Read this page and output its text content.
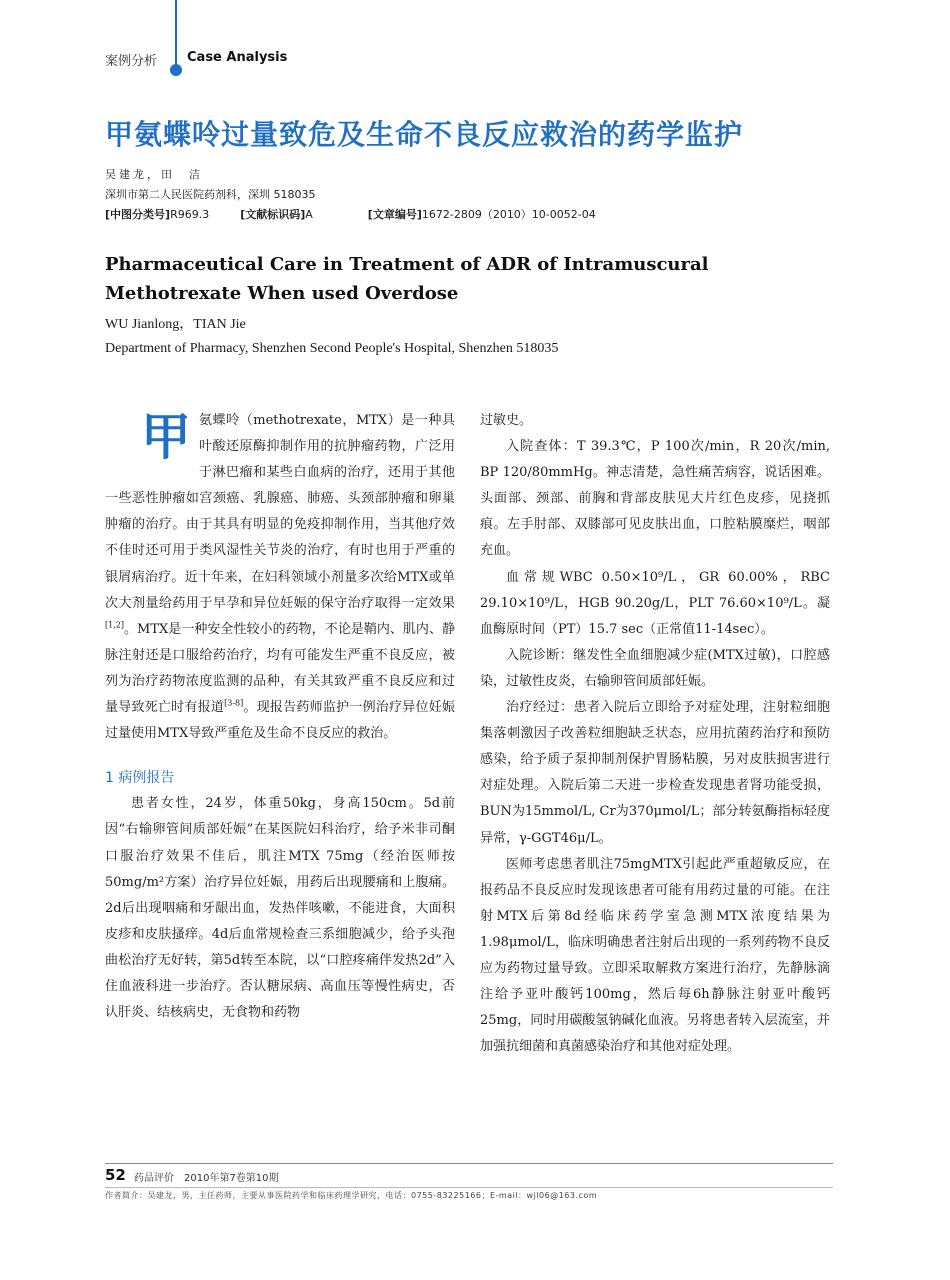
案例分析 Case Analysis
甲氨蝶呤过量致危及生命不良反应救治的药学监护
吴建龙，田　洁
深圳市第二人民医院药剂科，深圳 518035
[中图分类号]R969.3	[文献标识码]A	[文章编号]1672-2809（2010）10-0052-04
Pharmaceutical Care in Treatment of ADR of Intramuscural Methotrexate When used Overdose
WU Jianlong，TIAN Jie
Department of Pharmacy, Shenzhen Second People's Hospital, Shenzhen 518035

甲氨蝶呤（methotrexate，MTX）是一种具叶酸还原酶抑制作用的抗肿瘤药物，广泛用于淋巴瘤和某些白血病的治疗，还用于其他一些恶性肿瘤如宫颈癌、乳腺癌、肺癌、头颈部肿瘤和卵巢肿瘤的治疗。由于其具有明显的免疫抑制作用，当其他疗效不佳时还可用于类风湿性关节炎的治疗，有时也用于严重的银屑病治疗。近十年来，在妇科领域小剂量多次给MTX或单次大剂量给药用于早孕和异位妊娠的保守治疗取得一定效果[1,2]。MTX是一种安全性较小的药物，不论是鞘内、肌内、静脉注射还是口服给药治疗，均有可能发生严重不良反应，被列为治疗药物浓度监测的品种，有关其致严重不良反应和过量导致死亡时有报道[3-8]。现报告药师监护一例治疗异位妊娠过量使用MTX导致严重危及生命不良反应的救治。

1 病例报告

患者女性，24岁，体重50kg，身高150cm。5d前因“右输卵管间质部妊娠”在某医院妇科治疗，给予米非司酮口服治疗效果不佳后，肌注MTX 75mg（经治医师按50mg/m²方案）治疗异位妊娠，用药后出现腰痛和上腹痛。2d后出现咽痛和牙龈出血，发热伴咳嗽，不能进食，大面积皮疹和皮肤搔痒。4d后血常规检查三系细胞减少，给予头孢曲松治疗无好转，第5d转至本院，以“口腔疼痛伴发热2d”入住血液科进一步治疗。否认糖尿病、高血压等慢性病史，否认肝炎、结核病史，无食物和药物

过敏史。

入院查体：T 39.3℃，P 100次/min，R 20次/min, BP 120/80mmHg。神志清楚，急性痛苦病容，说话困难。头面部、颈部、前胸和背部皮肤见大片红色皮疹，见挠抓痕。左手肘部、双膝部可见皮肤出血，口腔粘膜糜烂，咽部充血。

血常规WBC 0.50×10⁹/L，GR 60.00%，RBC 29.10×10⁹/L，HGB 90.20g/L，PLT 76.60×10⁹/L。凝血酶原时间（PT）15.7 sec（正常值11-14sec）。

入院诊断：继发性全血细胞减少症(MTX过敏)，口腔感染，过敏性皮炎，右输卵管间质部妊娠。

治疗经过：患者入院后立即给予对症处理，注射粒细胞集落刺激因子改善粒细胞缺乏状态，应用抗菌药治疗和预防感染，给予质子泵抑制剂保护胃肠粘膜，另对皮肤损害进行对症处理。入院后第二天进一步检查发现患者肾功能受损，BUN为15mmol/L, Cr为370μmol/L；部分转氨酶指标轻度异常，γ-GGT46μ/L。

医师考虑患者肌注75mgMTX引起此严重超敏反应，在报药品不良反应时发现该患者可能有用药过量的可能。在注射MTX后第8d经临床药学室急测MTX浓度结果为1.98μmol/L，临床明确患者注射后出现的一系列药物不良反应为药物过量导致。立即采取解救方案进行治疗，先静脉滴注给予亚叶酸钙100mg，然后每6h静脉注射亚叶酸钙25mg，同时用碳酸氢钠碱化血液。另将患者转入层流室，并加强抗细菌和真菌感染治疗和其他对症处理。

52 药品评价　2010年第7卷第10期
作者简介：吴建龙，男，主任药师，主要从事医院药学和临床药理学研究，电话：0755-83225166；E-mail：wjl06@163.com
